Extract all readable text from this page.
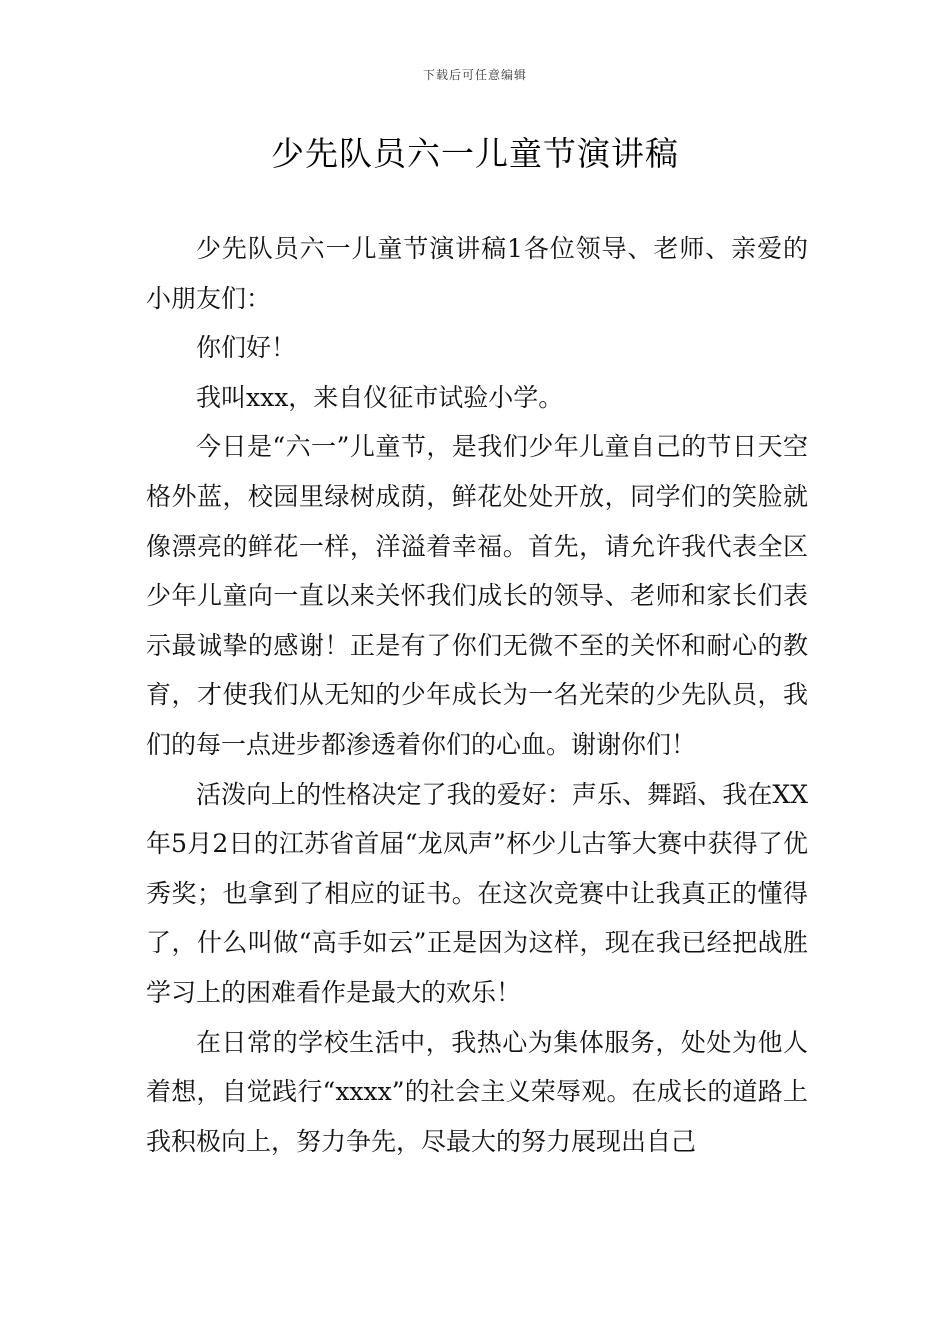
下载后可任意编辑
少先队员六一儿童节演讲稿

少先队员六一儿童节演讲稿1各位领导、老师、亲爱的小朋友们：

你们好！

我叫xxx，来自仪征市试验小学。

今日是“六一”儿童节，是我们少年儿童自己的节日天空格外蓝，校园里绿树成荫，鲜花处处开放，同学们的笑脸就像漂亮的鲜花一样，洋溢着幸福。首先，请允许我代表全区少年儿童向一直以来关怀我们成长的领导、老师和家长们表示最诚挚的感谢！正是有了你们无微不至的关怀和耐心的教育，才使我们从无知的少年成长为一名光荣的少先队员，我们的每一点进步都渗透着你们的心血。谢谢你们！

活泼向上的性格决定了我的爱好：声乐、舞蹈、我在XX年5月2日的江苏省首届“龙凤声”杯少儿古筝大赛中获得了优秀奖；也拿到了相应的证书。在这次竞赛中让我真正的懂得了，什么叫做“高手如云”正是因为这样，现在我已经把战胜学习上的困难看作是最大的欢乐！

在日常的学校生活中，我热心为集体服务，处处为他人着想，自觉践行“xxxx”的社会主义荣辱观。在成长的道路上我积极向上，努力争先，尽最大的努力展现出自己
